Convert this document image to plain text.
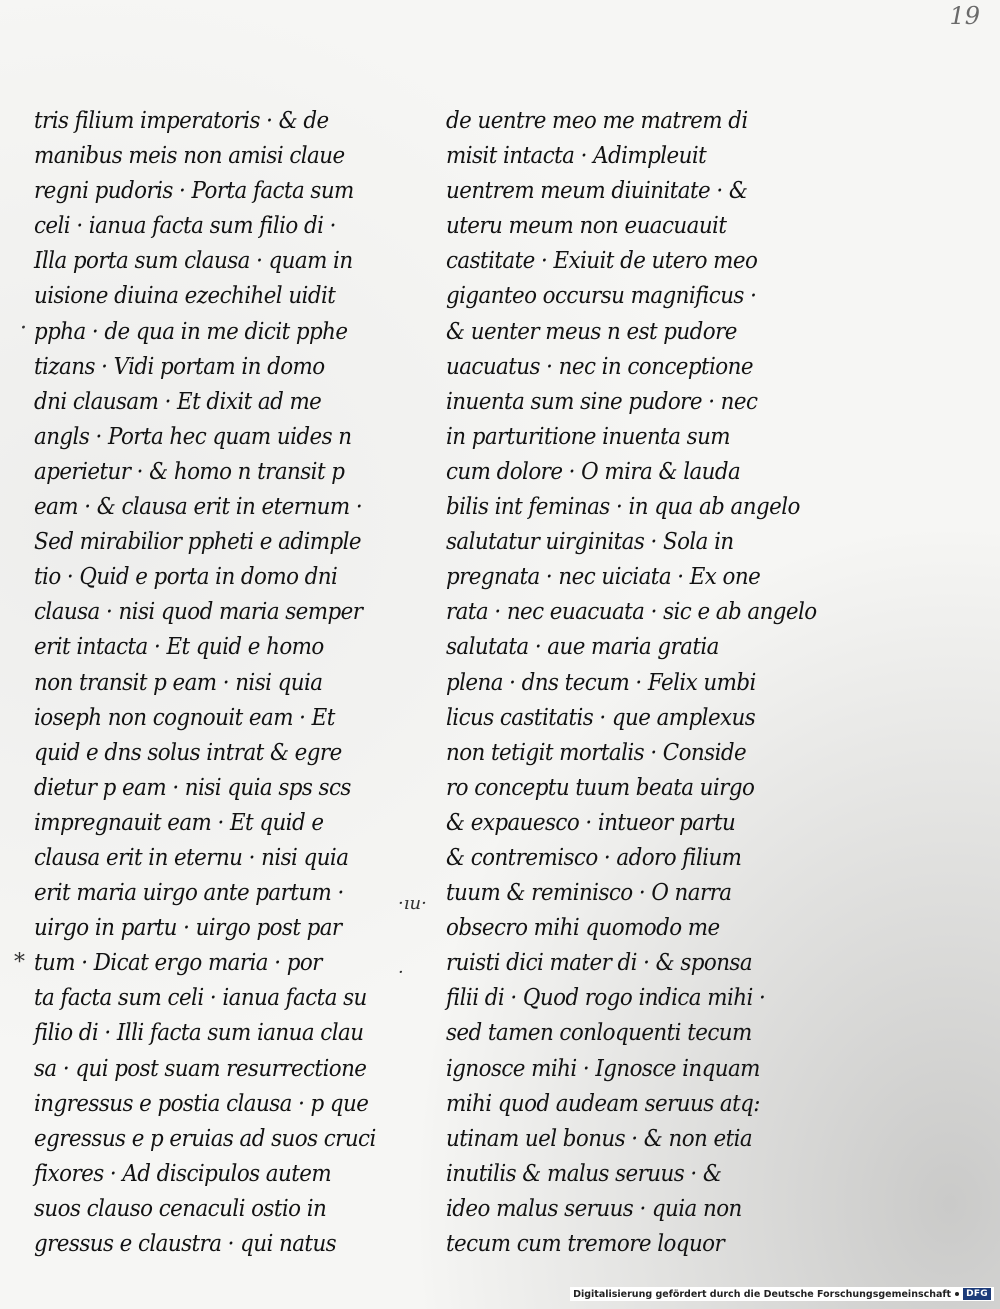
19
tris filium imperatoris · & de
manibus meis non amisi claue
regni pudoris · Porta facta sum
celi · ianua facta sum filio di ·
Illa porta sum clausa · quam in
uisione diuina ezechihel uidit
ppha · de qua in me dicit pphe
tizans · Vidi portam in domo
dni clausam · Et dixit ad me
angls · Porta hec quam uides n
aperietur · & homo n transit p
eam · & clausa erit in eternum ·
Sed mirabilior ppheti e adimple
tio · Quid e porta in domo dni
clausa · nisi quod maria semper
erit intacta · Et quid e homo
non transit p eam · nisi quia
ioseph non cognouit eam · Et
quid e dns solus intrat & egre
dietur p eam · nisi quia sps scs
impregnauit eam · Et quid e
clausa erit in eternu · nisi quia
erit maria uirgo ante partum ·
uirgo in partu · uirgo post par
tum · Dicat ergo maria · por
ta facta sum celi · ianua facta su
filio di · Illi facta sum ianua clau
sa · qui post suam resurrectione
ingressus e postia clausa · p que
egressus e p eruias ad suos cruci
fixores · Ad discipulos autem
suos clauso cenaculi ostio in
gressus e claustra · qui natus
de uentre meo me matrem di
misit intacta · Adimpleuit
uentrem meum diuinitate · &
uteru meum non euacuauit
castitate · Exiuit de utero meo
giganteo occursu magnificus ·
& uenter meus n est pudore
uacuatus · nec in conceptione
inuenta sum sine pudore · nec
in parturitione inuenta sum
cum dolore · O mira & lauda
bilis int feminas · in qua ab angelo
salutatur uirginitas · Sola in
pregnata · nec uiciata · Ex one
rata · nec euacuata · sic e ab angelo
salutata · aue maria gratia
plena · dns tecum · Felix umbi
licus castitatis · que amplexus
non tetigit mortalis · Conside
ro conceptu tuum beata uirgo
& expauesco · intueor partu
& contremisco · adoro filium
tuum & reminisco · O narra
obsecro mihi quomodo me
ruisti dici mater di · & sponsa
filii di · Quod rogo indica mihi ·
sed tamen conloquenti tecum
ignosce mihi · Ignosce inquam
mihi quod audeam seruus atq:
utinam uel bonus · & non etia
inutilis & malus seruus · &
ideo malus seruus · quia non
tecum cum tremore loquor
·
·ıu·
*	·
Digitalisierung gefördert durch die Deutsche Forschungsgemeinschaft	DFG
